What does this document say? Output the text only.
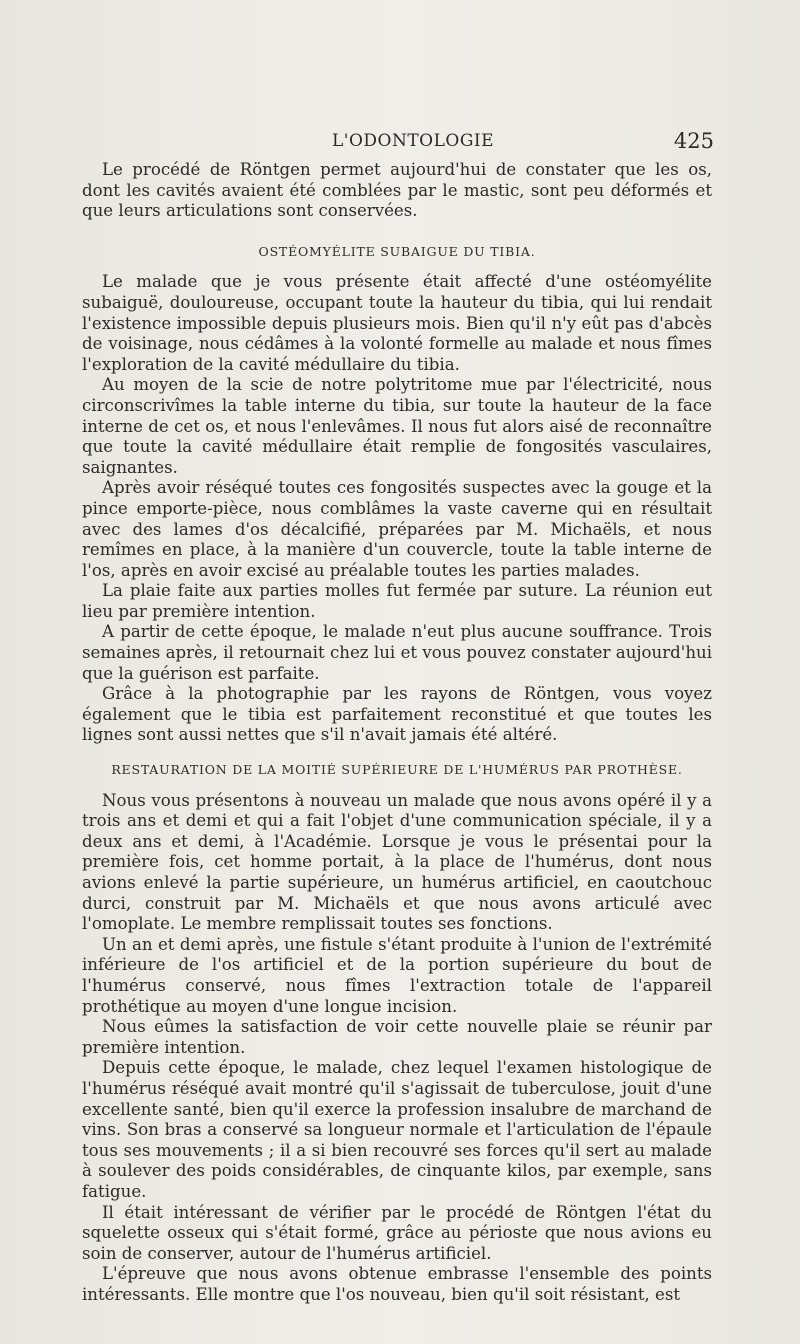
L'ODONTOLOGIE	425

Le procédé de Röntgen permet aujourd'hui de constater que les os, dont les cavités avaient été comblées par le mastic, sont peu déformés et que leurs articulations sont conservées.

OSTÉOMYÉLITE SUBAIGUE DU TIBIA.

Le malade que je vous présente était affecté d'une ostéomyélite subaiguë, douloureuse, occupant toute la hauteur du tibia, qui lui rendait l'existence impossible depuis plusieurs mois. Bien qu'il n'y eût pas d'abcès de voisinage, nous cédâmes à la volonté formelle au malade et nous fîmes l'exploration de la cavité médullaire du tibia.

Au moyen de la scie de notre polytritome mue par l'électricité, nous circonscrivîmes la table interne du tibia, sur toute la hauteur de la face interne de cet os, et nous l'enlevâmes. Il nous fut alors aisé de reconnaître que toute la cavité médullaire était remplie de fongosités vasculaires, saignantes.

Après avoir réséqué toutes ces fongosités suspectes avec la gouge et la pince emporte-pièce, nous comblâmes la vaste caverne qui en résultait avec des lames d'os décalcifié, préparées par M. Michaëls, et nous remîmes en place, à la manière d'un couvercle, toute la table interne de l'os, après en avoir excisé au préalable toutes les parties malades.

La plaie faite aux parties molles fut fermée par suture. La réunion eut lieu par première intention.

A partir de cette époque, le malade n'eut plus aucune souffrance. Trois semaines après, il retournait chez lui et vous pouvez constater aujourd'hui que la guérison est parfaite.

Grâce à la photographie par les rayons de Röntgen, vous voyez également que le tibia est parfaitement reconstitué et que toutes les lignes sont aussi nettes que s'il n'avait jamais été altéré.

RESTAURATION DE LA MOITIÉ SUPÉRIEURE DE L'HUMÉRUS PAR PROTHÈSE.

Nous vous présentons à nouveau un malade que nous avons opéré il y a trois ans et demi et qui a fait l'objet d'une communication spéciale, il y a deux ans et demi, à l'Académie. Lorsque je vous le présentai pour la première fois, cet homme portait, à la place de l'humérus, dont nous avions enlevé la partie supérieure, un humérus artificiel, en caoutchouc durci, construit par M. Michaëls et que nous avons articulé avec l'omoplate. Le membre remplissait toutes ses fonctions.

Un an et demi après, une fistule s'étant produite à l'union de l'extrémité inférieure de l'os artificiel et de la portion supérieure du bout de l'humérus conservé, nous fîmes l'extraction totale de l'appareil prothétique au moyen d'une longue incision.

Nous eûmes la satisfaction de voir cette nouvelle plaie se réunir par première intention.

Depuis cette époque, le malade, chez lequel l'examen histologique de l'humérus réséqué avait montré qu'il s'agissait de tuberculose, jouit d'une excellente santé, bien qu'il exerce la profession insalubre de marchand de vins. Son bras a conservé sa longueur normale et l'articulation de l'épaule tous ses mouvements ; il a si bien recouvré ses forces qu'il sert au malade à soulever des poids considérables, de cinquante kilos, par exemple, sans fatigue.

Il était intéressant de vérifier par le procédé de Röntgen l'état du squelette osseux qui s'était formé, grâce au périoste que nous avions eu soin de conserver, autour de l'humérus artificiel.

L'épreuve que nous avons obtenue embrasse l'ensemble des points intéressants. Elle montre que l'os nouveau, bien qu'il soit résistant, est
